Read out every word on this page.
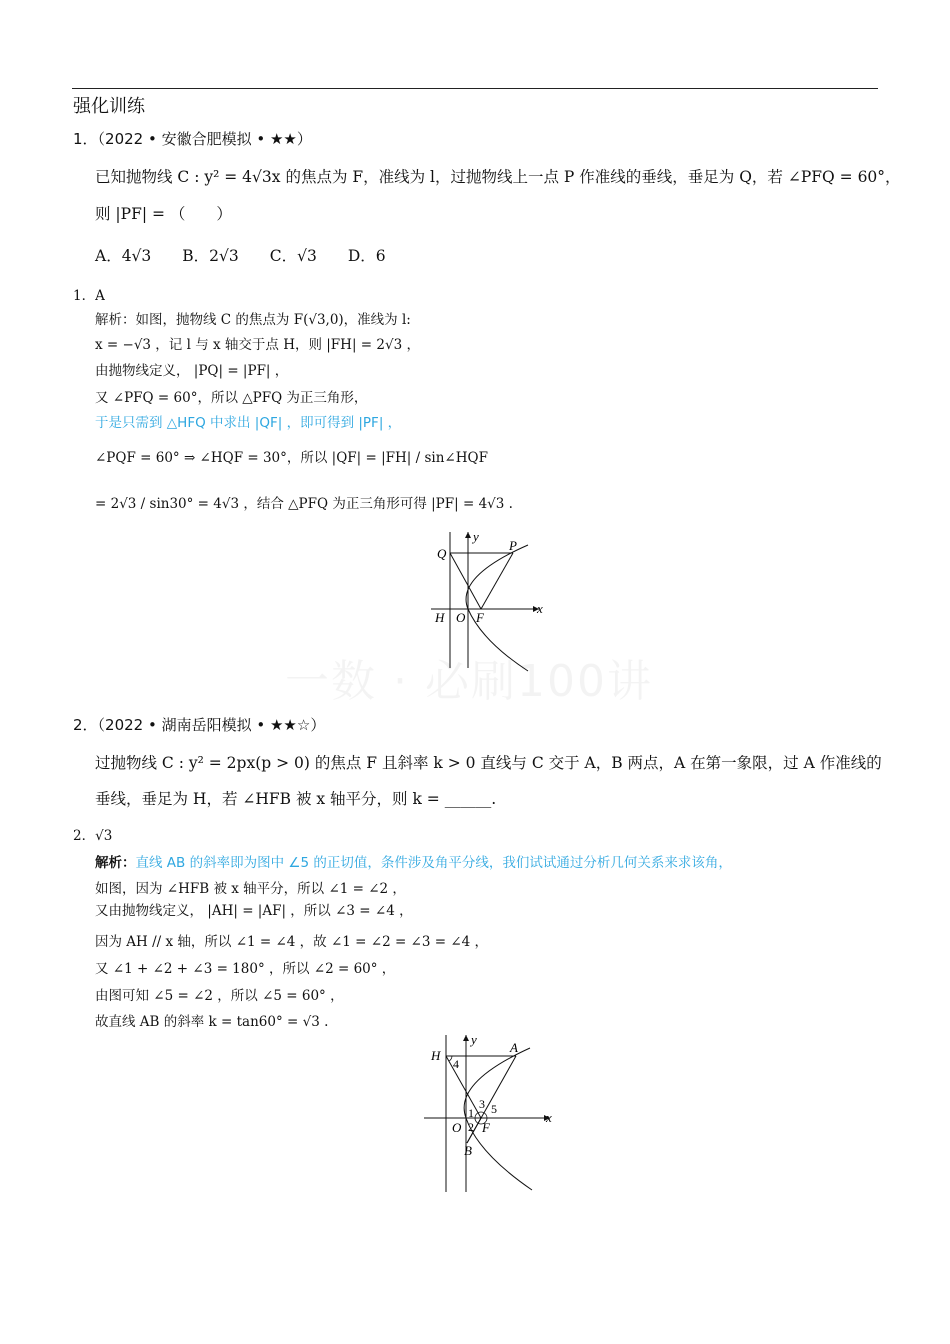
强化训练
1．（2022 • 安徽合肥模拟 • ★★）
已知抛物线 C : y² = 4√3x 的焦点为 F，准线为 l，过抛物线上一点 P 作准线的垂线，垂足为 Q，若 ∠PFQ = 60°，
则 |PF| = （　　）
A．4√3　　B．2√3　　C．√3　　D．6
1．A
解析：如图，抛物线 C 的焦点为 F(√3,0)，准线为 l:
x = −√3 ，记 l 与 x 轴交于点 H，则 |FH| = 2√3 ，
由抛物线定义， |PQ| = |PF| ，
又 ∠PFQ = 60°，所以 △PFQ 为正三角形，
于是只需到 △HFQ 中求出 |QF| ，即可得到 |PF| ，
∠PQF = 60° ⇒ ∠HQF = 30°，所以 |QF| = |FH| / sin∠HQF
= 2√3 / sin30° = 4√3 ，结合 △PFQ 为正三角形可得 |PF| = 4√3 .
y
x
Q
P
H O F
2．（2022 • 湖南岳阳模拟 • ★★☆）
过抛物线 C : y² = 2px(p > 0) 的焦点 F 且斜率 k > 0 直线与 C 交于 A，B 两点，A 在第一象限，过 A 作准线的
垂线，垂足为 H，若 ∠HFB 被 x 轴平分，则 k = ______.
2．√3
解析：直线 AB 的斜率即为图中 ∠5 的正切值，条件涉及角平分线，我们试试通过分析几何关系来求该角，
如图，因为 ∠HFB 被 x 轴平分，所以 ∠1 = ∠2 ，
又由抛物线定义， |AH| = |AF| ，所以 ∠3 = ∠4 ，
因为 AH // x 轴，所以 ∠1 = ∠4 ，故 ∠1 = ∠2 = ∠3 = ∠4 ，
又 ∠1 + ∠2 + ∠3 = 180° ，所以 ∠2 = 60° ，
由图可知 ∠5 = ∠2 ，所以 ∠5 = 60° ，
故直线 AB 的斜率 k = tan60° = √3 .
y
x
H
A
O F
B
1
2
3
4
5
